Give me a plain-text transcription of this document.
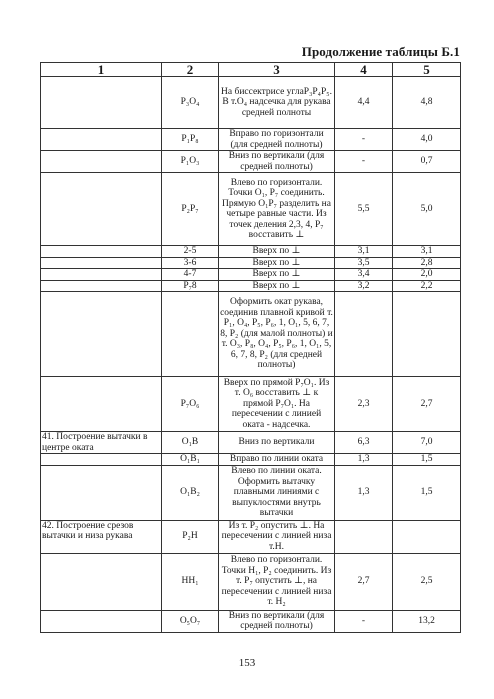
Продолжение таблицы Б.1
1	2	3	4	5
	P₃O₄	На биссектрисе углаP₃P₄P₅. В т.O₄ надсечка для рукава средней полноты	4,4	4,8
	P₁P₈	Вправо по горизонтали (для средней полноты)	-	4,0
	P₁O₃	Вниз по вертикали (для средней полноты)	-	0,7
	P₂P₇	Влево по горизонтали. Точки O₁, P₇ соединить. Прямую O₁P₇ разделить на четыре равные части. Из точек деления 2,3, 4, P₇ восставить ⊥	5,5	5,0
	2-5	Вверх по ⊥	3,1	3,1
	3-6	Вверх по ⊥	3,5	2,8
	4-7	Вверх по ⊥	3,4	2,0
	P₇8	Вверх по ⊥	3,2	2,2
		Оформить окат рукава, соединив плавной кривой т. P₁, O₄, P₅, P₆, 1, O₁, 5, 6, 7, 8, P₂ (для малой полноты) и т. O₃, P₈, O₄, P₅, P₆, 1, O₁, 5, 6, 7, 8, P₂ (для средней полноты)		
	P₇O₆	Вверх по прямой P₇O₁. Из т. O₆ восставить ⊥ к прямой P₇O₁. На пересечении с линией оката - надсечка.	2,3	2,7
41. Построение вытачки в центре оката	O₁B	Вниз по вертикали	6,3	7,0
	O₁B₁	Вправо по линии оката	1,3	1,5
	O₁B₂	Влево по линии оката. Оформить вытачку плавными линиями с выпуклостями внутрь вытачки	1,3	1,5
42. Построение срезов вытачки и низа рукава	P₂H	Из т. P₂ опустить ⊥. На пересечении с линией низа т.H.		
	HH₁	Влево по горизонтали. Точки H₁, P₂ соединить. Из т. P₇ опустить ⊥, на пересечении с линией низа т. H₂	2,7	2,5
	O₅O₇	Вниз по вертикали (для средней полноты)	-	13,2
153
